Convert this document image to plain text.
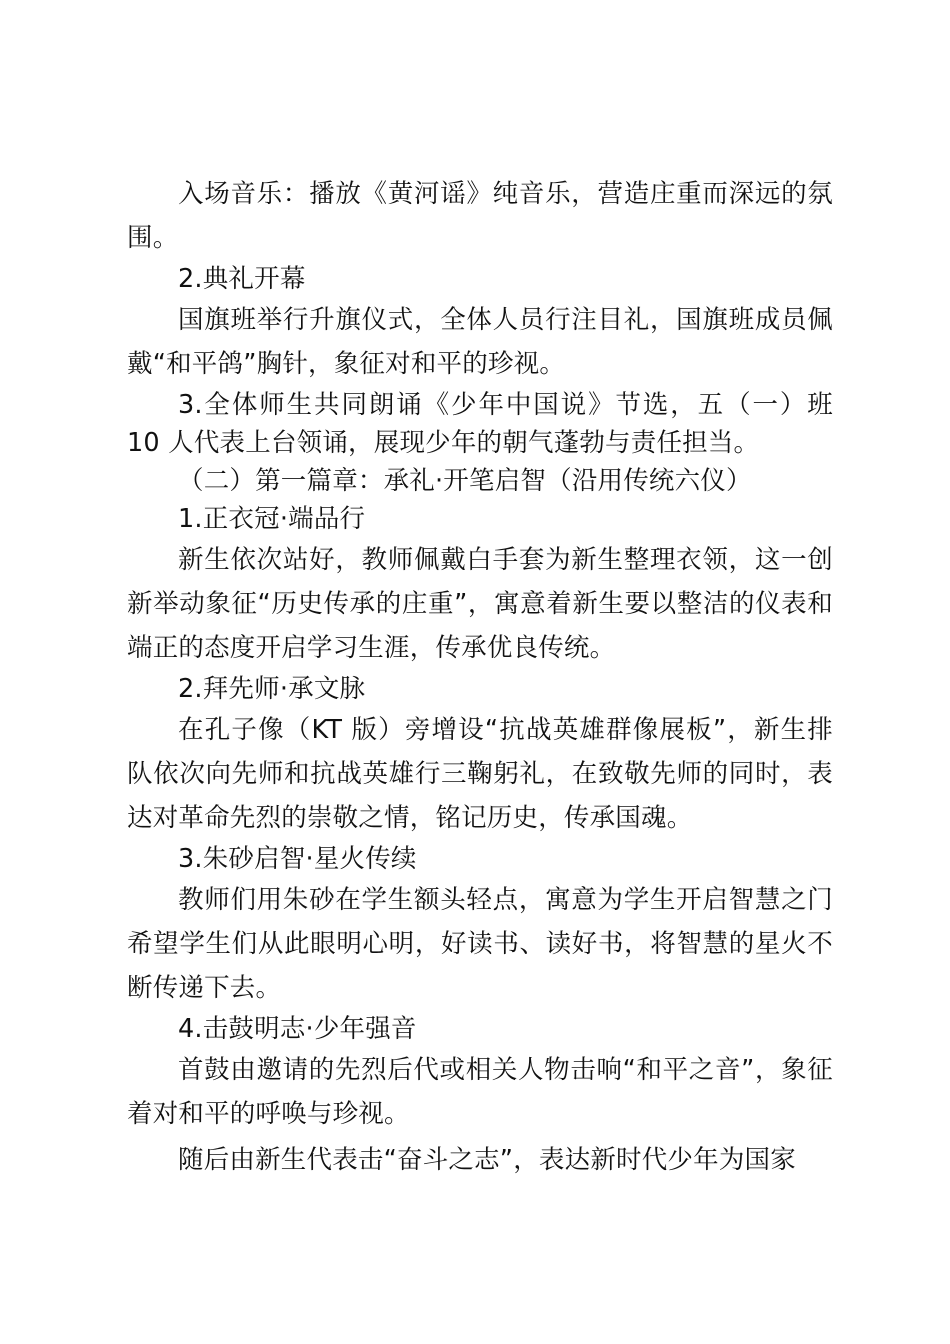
入场音乐：播放《黄河谣》纯音乐，营造庄重而深远的氛围。

2.典礼开幕

国旗班举行升旗仪式，全体人员行注目礼，国旗班成员佩戴“和平鸽”胸针，象征对和平的珍视。

3.全体师生共同朗诵《少年中国说》节选，五（一）班 10 人代表上台领诵，展现少年的朝气蓬勃与责任担当。

（二）第一篇章：承礼·开笔启智（沿用传统六仪）

1.正衣冠·端品行

新生依次站好，教师佩戴白手套为新生整理衣领，这一创新举动象征“历史传承的庄重”，寓意着新生要以整洁的仪表和端正的态度开启学习生涯，传承优良传统。

2.拜先师·承文脉

在孔子像（KT 版）旁增设“抗战英雄群像展板”，新生排队依次向先师和抗战英雄行三鞠躬礼，在致敬先师的同时，表达对革命先烈的崇敬之情，铭记历史，传承国魂。

3.朱砂启智·星火传续

教师们用朱砂在学生额头轻点，寓意为学生开启智慧之门希望学生们从此眼明心明，好读书、读好书，将智慧的星火不断传递下去。

4.击鼓明志·少年强音

首鼓由邀请的先烈后代或相关人物击响“和平之音”，象征着对和平的呼唤与珍视。

随后由新生代表击“奋斗之志”，表达新时代少年为国家
